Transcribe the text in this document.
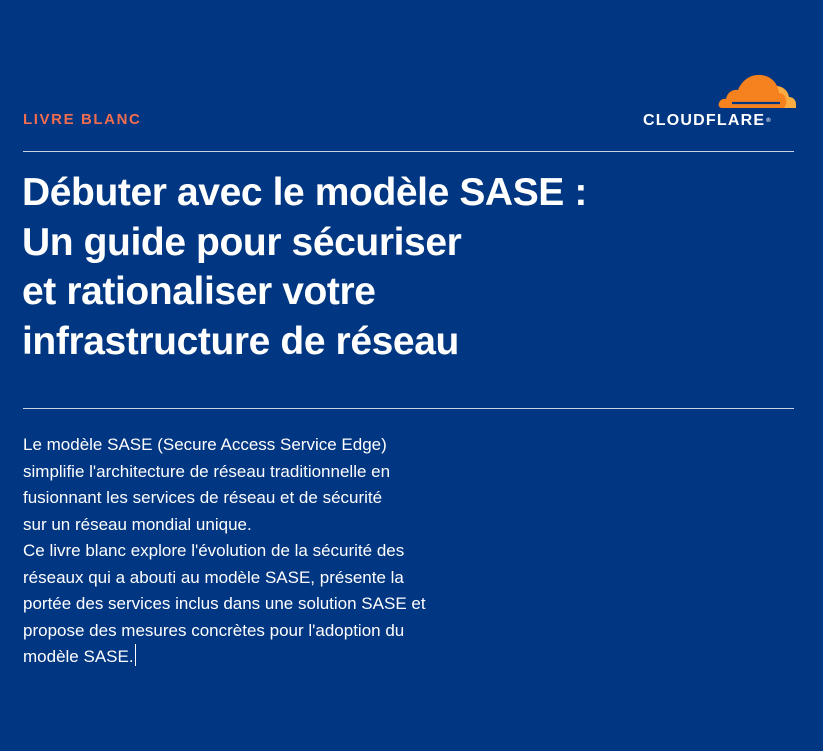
LIVRE BLANC	CLOUDFLARE®
Débuter avec le modèle SASE :
Un guide pour sécuriser
et rationaliser votre
infrastructure de réseau
Le modèle SASE (Secure Access Service Edge)
simplifie l'architecture de réseau traditionnelle en
fusionnant les services de réseau et de sécurité
sur un réseau mondial unique.
Ce livre blanc explore l'évolution de la sécurité des
réseaux qui a abouti au modèle SASE, présente la
portée des services inclus dans une solution SASE et
propose des mesures concrètes pour l'adoption du
modèle SASE.
